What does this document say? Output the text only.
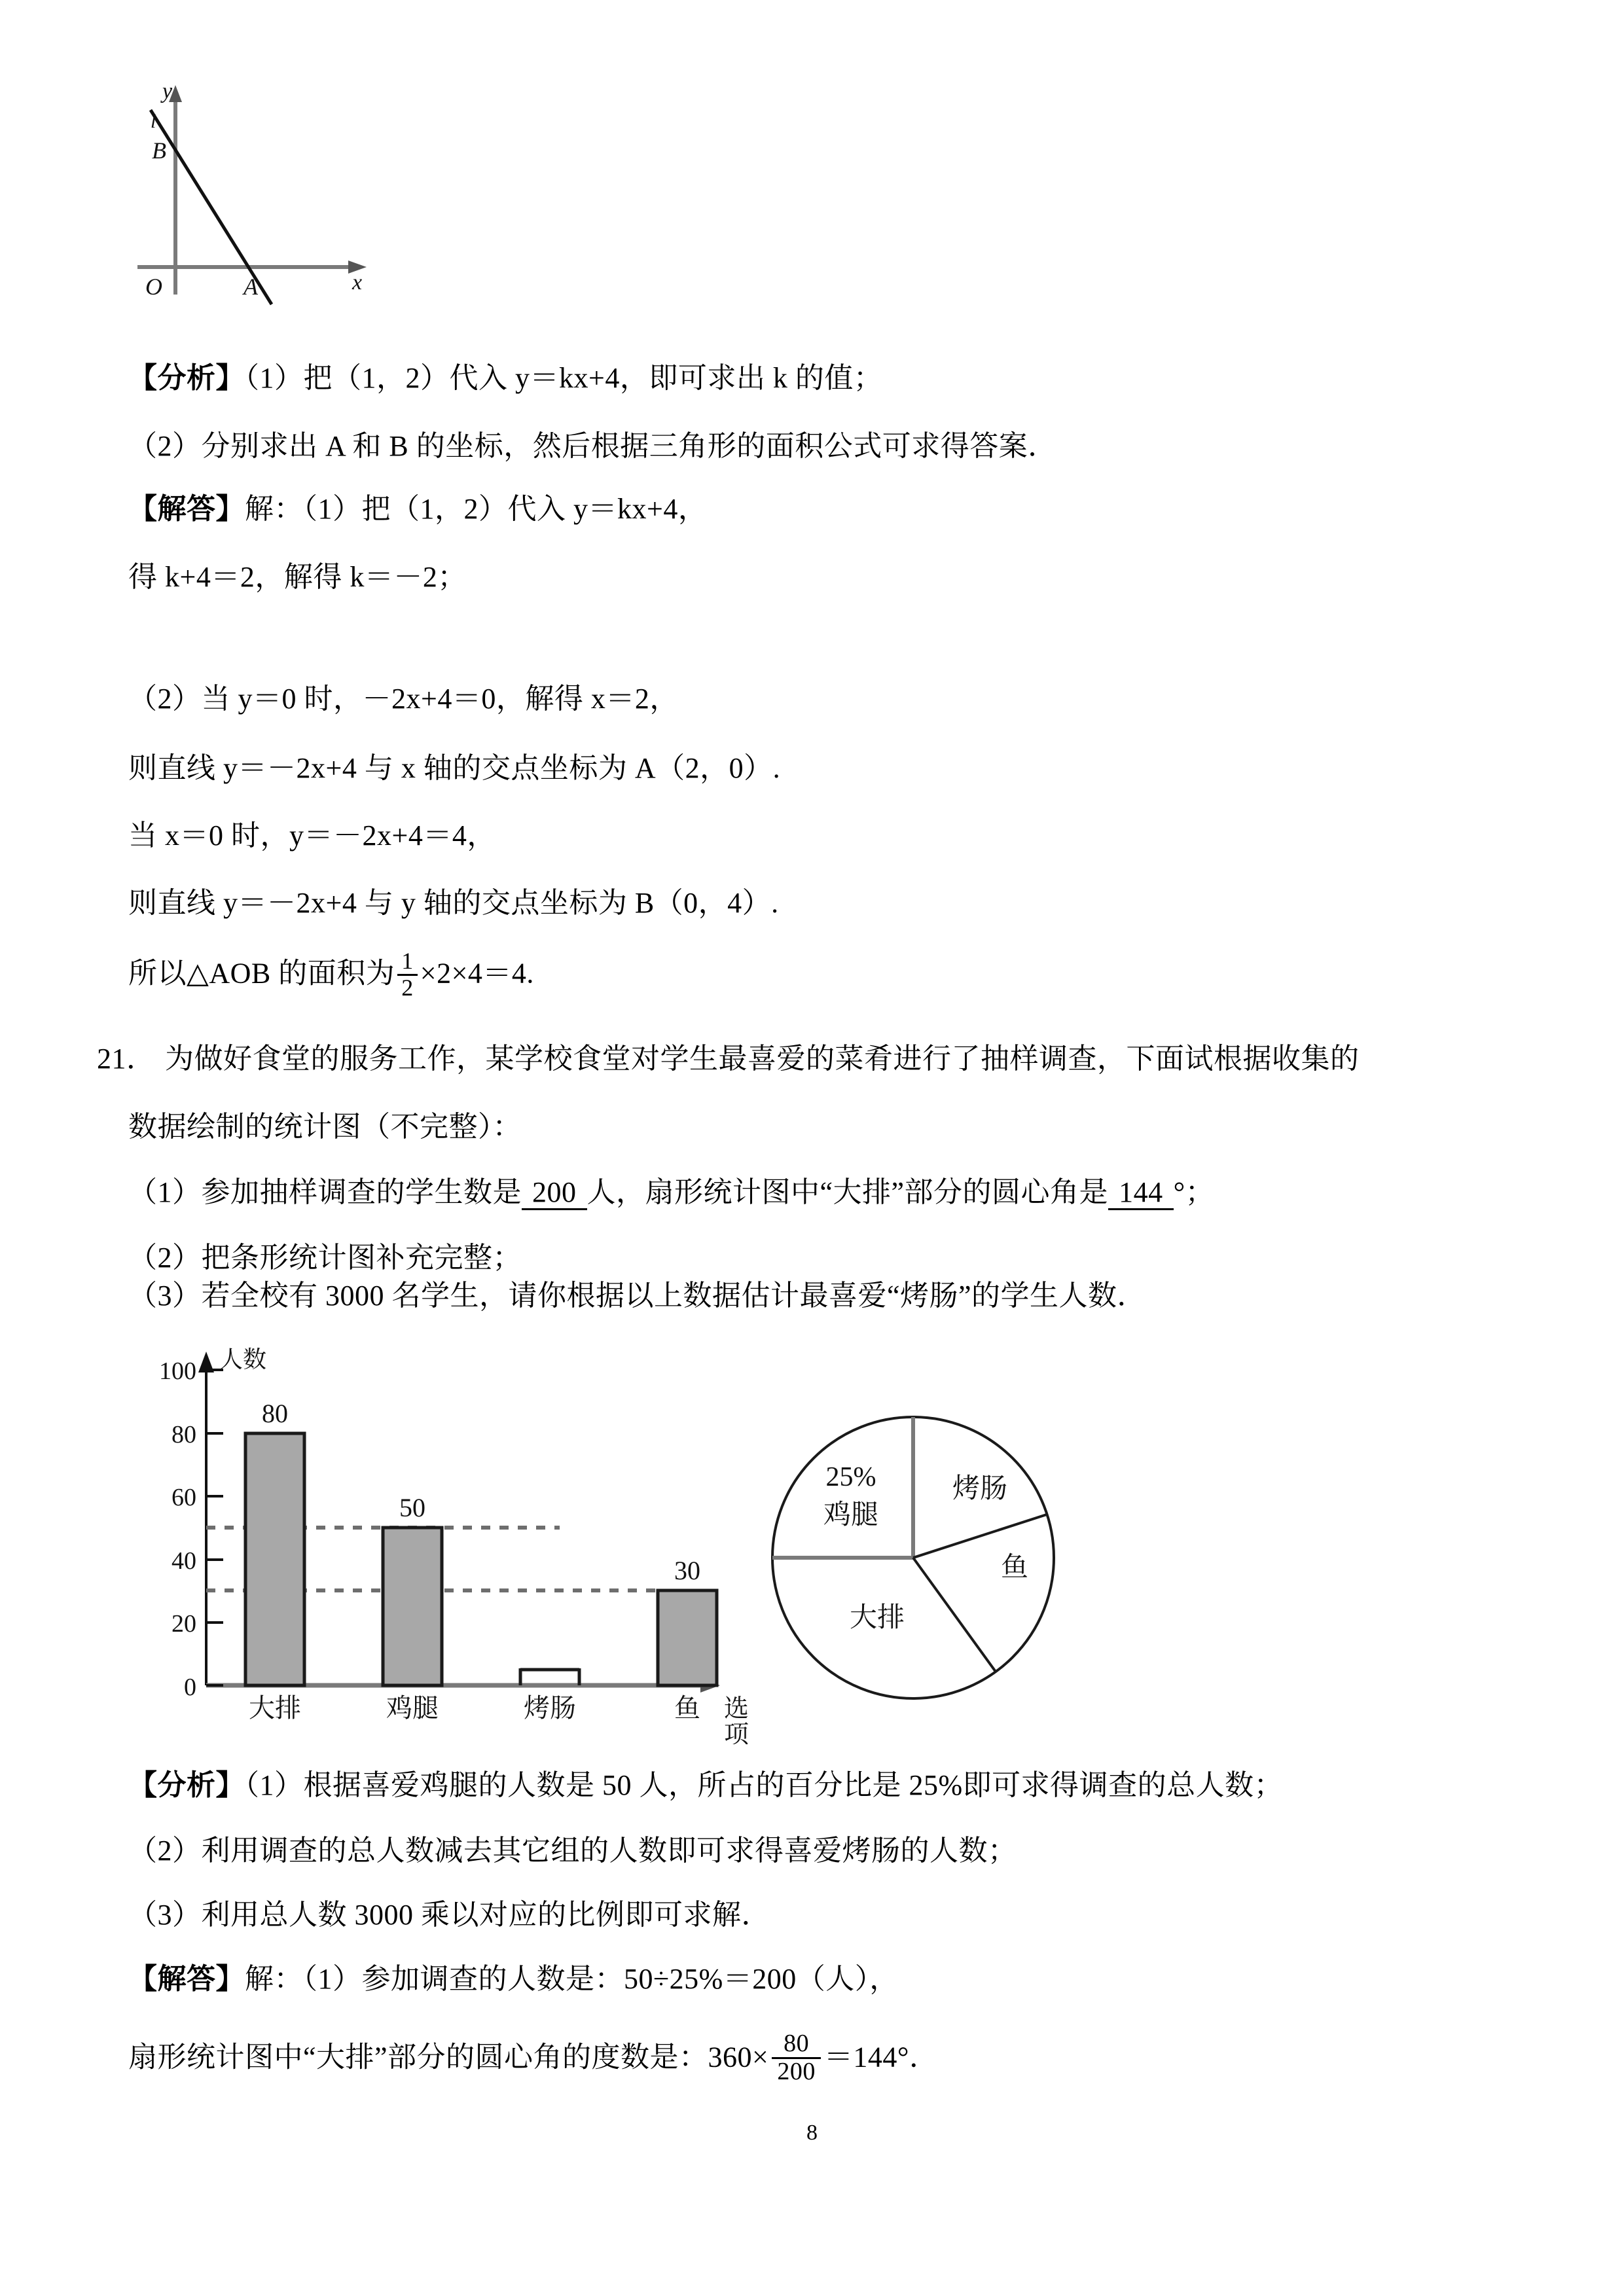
y
x
l
B
O	A
【分析】（1）把（1，2）代入 y＝kx+4，即可求出 k 的值；
（2）分别求出 A 和 B 的坐标，然后根据三角形的面积公式可求得答案．
【解答】解：（1）把（1，2）代入 y＝kx+4，
得 k+4＝2，解得 k＝－2；
（2）当 y＝0 时，－2x+4＝0，解得 x＝2，
则直线 y＝－2x+4 与 x 轴的交点坐标为 A（2，0）.
当 x＝0 时，y＝－2x+4＝4，
则直线 y＝－2x+4 与 y 轴的交点坐标为 B（0，4）.
所以△AOB 的面积为 $\frac{1}{2} \times 2\times 4=4$.
21． 为做好食堂的服务工作，某学校食堂对学生最喜爱的菜肴进行了抽样调查，下面试根据收集的
数据绘制的统计图（不完整）：
（1）参加抽样调查的学生数是 200 人，扇形统计图中“大排”部分的圆心角是 144 °；
（2）把条形统计图补充完整；
（3）若全校有 3000 名学生，请你根据以上数据估计最喜爱“烤肠”的学生人数．
人数
0
20
40
60
80
100
80
50
30
大排	鸡腿	烤肠	鱼 选
项
25%
鸡腿
烤肠
鱼
大排
【分析】（1）根据喜爱鸡腿的人数是 50 人，所占的百分比是 25%即可求得调查的总人数；
（2）利用调查的总人数减去其它组的人数即可求得喜爱烤肠的人数；
（3）利用总人数 3000 乘以对应的比例即可求解．
【解答】解：（1）参加调查的人数是：50÷25%＝200（人），
扇形统计图中“大排”部分的圆心角的度数是：$360\times \frac{80}{200} =144^\circ$．
8
